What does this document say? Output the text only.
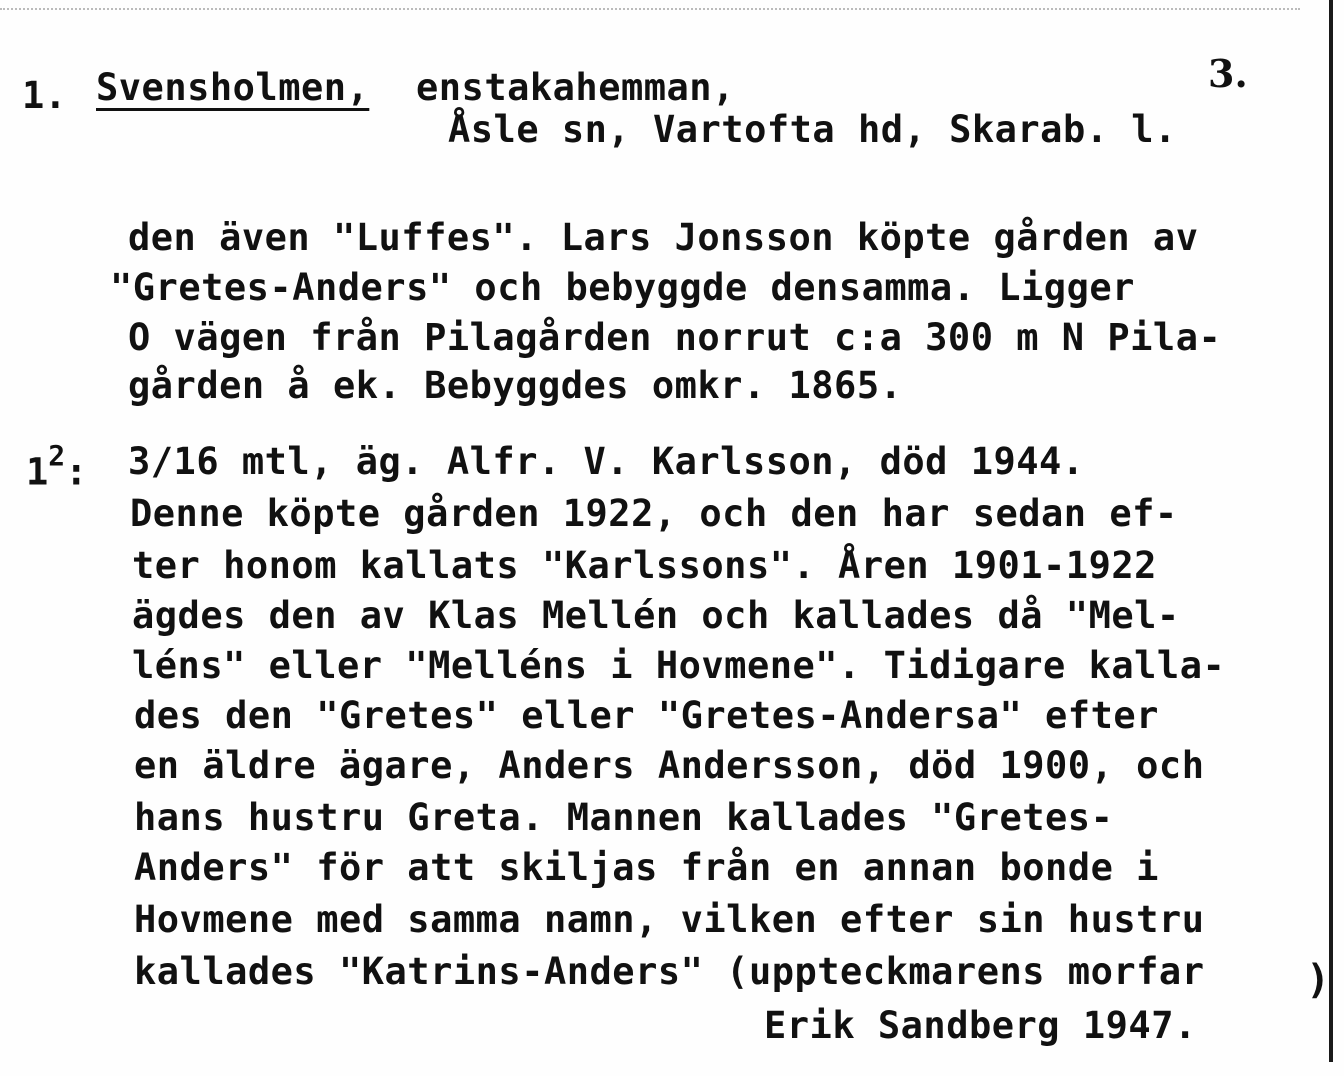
1. Svensholmen, enstakahemman,	3.
Åsle sn, Vartofta hd, Skarab. l.
den även "Luffes". Lars Jonsson köpte gården av
"Gretes-Anders" och bebyggde densamma. Ligger
O vägen från Pilagården norrut c:a 300 m N Pila-
gården å ek. Bebyggdes omkr. 1865.
$1^2$: 3/16 mtl, äg. Alfr. V. Karlsson, död 1944.
Denne köpte gården 1922, och den har sedan ef-
ter honom kallats "Karlssons". Åren 1901-1922
ägdes den av Klas Mellén och kallades då "Mel-
léns" eller "Melléns i Hovmene". Tidigare kalla-
des den "Gretes" eller "Gretes-Andersa" efter
en äldre ägare, Anders Andersson, död 1900, och
hans hustru Greta. Mannen kallades "Gretes-
Anders" för att skiljas från en annan bonde i
Hovmene med samma namn, vilken efter sin hustru
kallades "Katrins-Anders" (uppteckmarens morfar	)
Erik Sandberg 1947.
